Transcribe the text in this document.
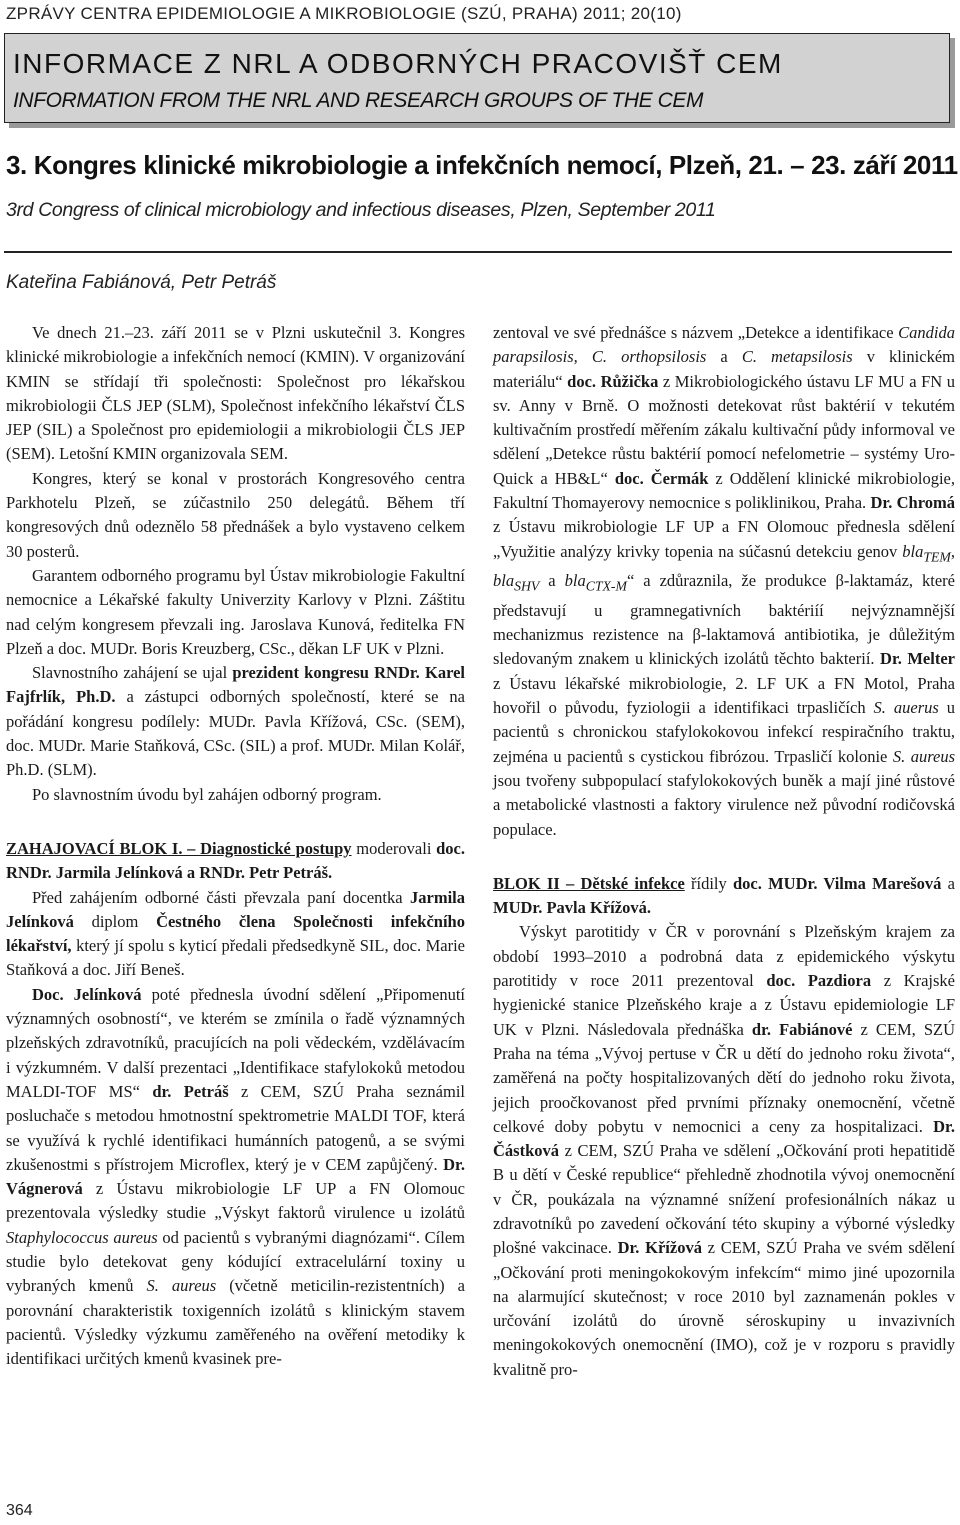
ZPRÁVY CENTRA EPIDEMIOLOGIE A MIKROBIOLOGIE (SZÚ, PRAHA) 2011; 20(10)
INFORMACE Z NRL A ODBORNÝCH PRACOVIŠŤ CEM
INFORMATION FROM THE NRL AND RESEARCH GROUPS OF THE CEM
3. Kongres klinické mikrobiologie a infekčních nemocí, Plzeň, 21. – 23. září 2011
3rd Congress of clinical microbiology and infectious diseases, Plzen, September 2011
Kateřina Fabiánová, Petr Petráš

Ve dnech 21.–23. září 2011 se v Plzni uskutečnil 3. Kongres klinické mikrobiologie a infekčních nemocí (KMIN). V organizování KMIN se střídají tři společnosti: Společnost pro lékařskou mikrobiologii ČLS JEP (SLM), Společnost infekčního lékařství ČLS JEP (SIL) a Společnost pro epidemiologii a mikrobiologii ČLS JEP (SEM). Letošní KMIN organizovala SEM.

Kongres, který se konal v prostorách Kongresového centra Parkhotelu Plzeň, se zúčastnilo 250 delegátů. Během tří kongresových dnů odeznělo 58 přednášek a bylo vystaveno celkem 30 posterů.

Garantem odborného programu byl Ústav mikrobiologie Fakultní nemocnice a Lékařské fakulty Univerzity Karlovy v Plzni. Záštitu nad celým kongresem převzali ing. Jaroslava Kunová, ředitelka FN Plzeň a doc. MUDr. Boris Kreuzberg, CSc., děkan LF UK v Plzni.

Slavnostního zahájení se ujal prezident kongresu RNDr. Karel Fajfrlík, Ph.D. a zástupci odborných společností, které se na pořádání kongresu podílely: MUDr. Pavla Křížová, CSc. (SEM), doc. MUDr. Marie Staňková, CSc. (SIL) a prof. MUDr. Milan Kolář, Ph.D. (SLM).

Po slavnostním úvodu byl zahájen odborný program.

ZAHAJOVACÍ BLOK I. – Diagnostické postupy moderovali doc. RNDr. Jarmila Jelínková a RNDr. Petr Petráš.

Před zahájením odborné části převzala paní docentka Jarmila Jelínková diplom Čestného člena Společnosti infekčního lékařství, který jí spolu s kyticí předali předsedkyně SIL, doc. Marie Staňková a doc. Jiří Beneš.

Doc. Jelínková poté přednesla úvodní sdělení „Připomenutí významných osobností“, ve kterém se zmínila o řadě významných plzeňských zdravotníků, pracujících na poli vědeckém, vzdělávacím i výzkumném. V další prezentaci „Identifikace stafylokoků metodou MALDI-TOF MS“ dr. Petráš z CEM, SZÚ Praha seznámil posluchače s metodou hmotnostní spektrometrie MALDI TOF, která se využívá k rychlé identifikaci humánních patogenů, a se svými zkušenostmi s přístrojem Microflex, který je v CEM zapůjčený. Dr. Vágnerová z Ústavu mikrobiologie LF UP a FN Olomouc prezentovala výsledky studie „Výskyt faktorů virulence u izolátů Staphylococcus aureus od pacientů s vybranými diagnózami“. Cílem studie bylo detekovat geny kódující extracelulární toxiny u vybraných kmenů S. aureus (včetně meticilin-rezistentních) a porovnání charakteristik toxigenních izolátů s klinickým stavem pacientů. Výsledky výzkumu zaměřeného na ověření metodiky k identifikaci určitých kmenů kvasinek pre-

zentoval ve své přednášce s názvem „Detekce a identifikace Candida parapsilosis, C. orthopsilosis a C. metapsilosis v klinickém materiálu“ doc. Růžička z Mikrobiologického ústavu LF MU a FN u sv. Anny v Brně. O možnosti detekovat růst baktérií v tekutém kultivačním prostředí měřením zákalu kultivační půdy informoval ve sdělení „Detekce růstu baktérií pomocí nefelometrie – systémy Uro-Quick a HB&L“ doc. Čermák z Oddělení klinické mikrobiologie, Fakultní Thomayerovy nemocnice s poliklinikou, Praha. Dr. Chromá z Ústavu mikrobiologie LF UP a FN Olomouc přednesla sdělení „Využitie analýzy krivky topenia na súčasnú detekciu genov bla$_{TEM}$, bla$_{SHV}$ a bla$_{CTX-M}$“ a zdůraznila, že produkce β-laktamáz, které představují u gramnegativních baktériíí nejvýznamnější mechanizmus rezistence na β-laktamová antibiotika, je důležitým sledovaným znakem u klinických izolátů těchto bakterií. Dr. Melter z Ústavu lékařské mikrobiologie, 2. LF UK a FN Motol, Praha hovořil o původu, fyziologii a identifikaci trpasličích S. auerus u pacientů s chronickou stafylokokovou infekcí respiračního traktu, zejména u pacientů s cystickou fibrózou. Trpasličí kolonie S. aureus jsou tvořeny subpopulací stafylokokových buněk a mají jiné růstové a metabolické vlastnosti a faktory virulence než původní rodičovská populace.

BLOK II – Dětské infekce řídily doc. MUDr. Vilma Marešová a MUDr. Pavla Křížová.

Výskyt parotitidy v ČR v porovnání s Plzeňským krajem za období 1993–2010 a podrobná data z epidemického výskytu parotitidy v roce 2011 prezentoval doc. Pazdiora z Krajské hygienické stanice Plzeňského kraje a z Ústavu epidemiologie LF UK v Plzni. Následovala přednáška dr. Fabiánové z CEM, SZÚ Praha na téma „Vývoj pertuse v ČR u dětí do jednoho roku života“, zaměřená na počty hospitalizovaných dětí do jednoho roku života, jejich proočkovanost před prvními příznaky onemocnění, včetně celkové doby pobytu v nemocnici a ceny za hospitalizaci. Dr. Částková z CEM, SZÚ Praha ve sdělení „Očkování proti hepatitidě B u dětí v České republice“ přehledně zhodnotila vývoj onemocnění v ČR, poukázala na významné snížení profesionálních nákaz u zdravotníků po zavedení očkování této skupiny a výborné výsledky plošné vakcinace. Dr. Křížová z CEM, SZÚ Praha ve svém sdělení „Očkování proti meningokokovým infekcím“ mimo jiné upozornila na alarmující skutečnost; v roce 2010 byl zaznamenán pokles v určování izolátů do úrovně séroskupiny u invazivních meningokokových onemocnění (IMO), což je v rozporu s pravidly kvalitně pro-

364
